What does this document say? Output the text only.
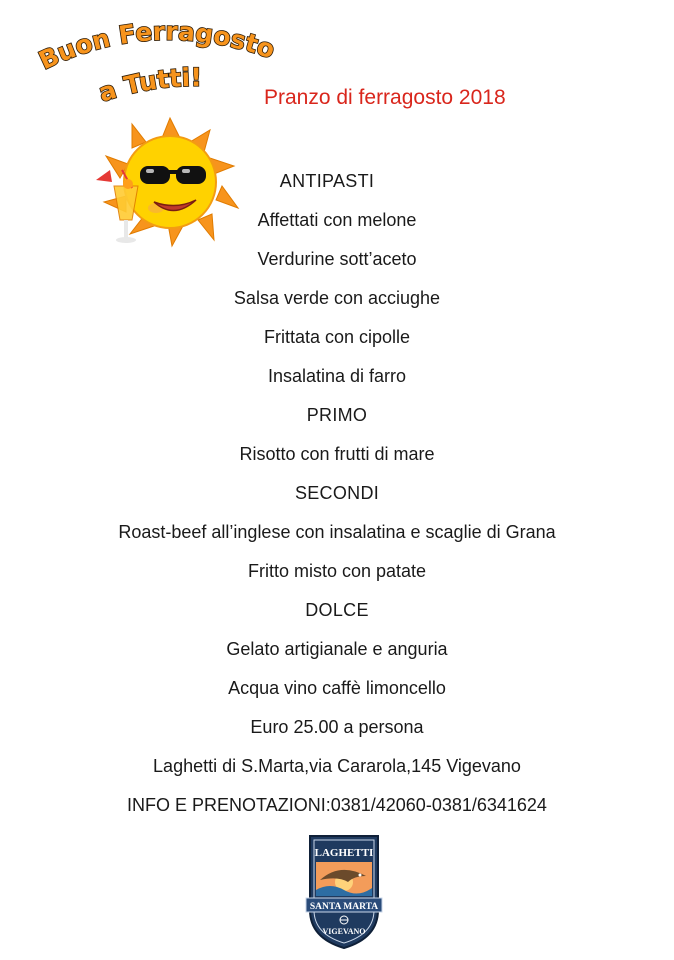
Buon Ferragosto
a Tutti!
Pranzo di ferragosto 2018
ANTIPASTI
Affettati con melone
Verdurine sott’aceto
Salsa verde con acciughe
Frittata con cipolle
Insalatina di farro
PRIMO
Risotto con frutti di mare
SECONDI
Roast-beef all’inglese con insalatina e scaglie di Grana
Fritto misto con patate
DOLCE
Gelato artigianale e anguria
Acqua vino caffè limoncello
Euro 25.00 a persona
Laghetti di S.Marta,via Cararola,145 Vigevano
INFO E PRENOTAZIONI:0381/42060-0381/6341624
LAGHETTI
SANTA MARTA
VIGEVANO
